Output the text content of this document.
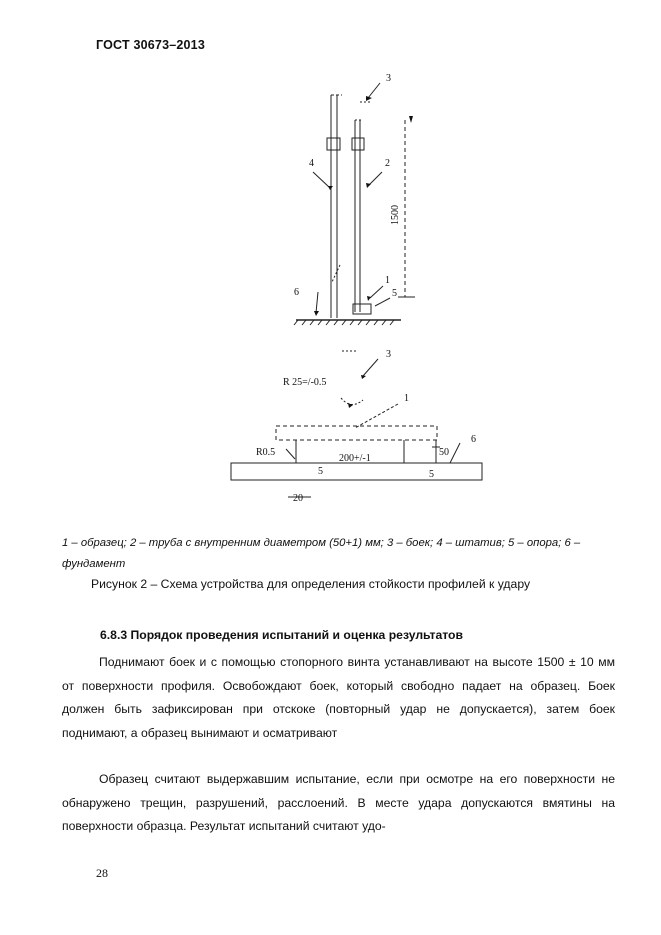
ГОСТ 30673–2013
3
4	2
1500
1
5
6
3
R 25=/-0.5
1
6
R0.5
200+/-1
50
5	5
20
1 – образец; 2 – труба с внутренним диаметром (50+1) мм; 3 – боек; 4 – штатив; 5 – опора; 6 – фундамент
Рисунок 2 – Схема устройства для определения стойкости профилей к удару
6.8.3 Порядок проведения испытаний и оценка результатов

Поднимают боек и с помощью стопорного винта устанавливают на высоте 1500 ± 10 мм от поверхности профиля. Освобождают боек, который свободно падает на образец. Боек должен быть зафиксирован при отскоке (повторный удар не допускается), затем боек поднимают, а образец вынимают и осматривают

Образец считают выдержавшим испытание, если при осмотре на его поверхности не обнаружено трещин, разрушений, расслоений. В месте удара допускаются вмятины на поверхности образца. Результат испытаний считают удо-

28
